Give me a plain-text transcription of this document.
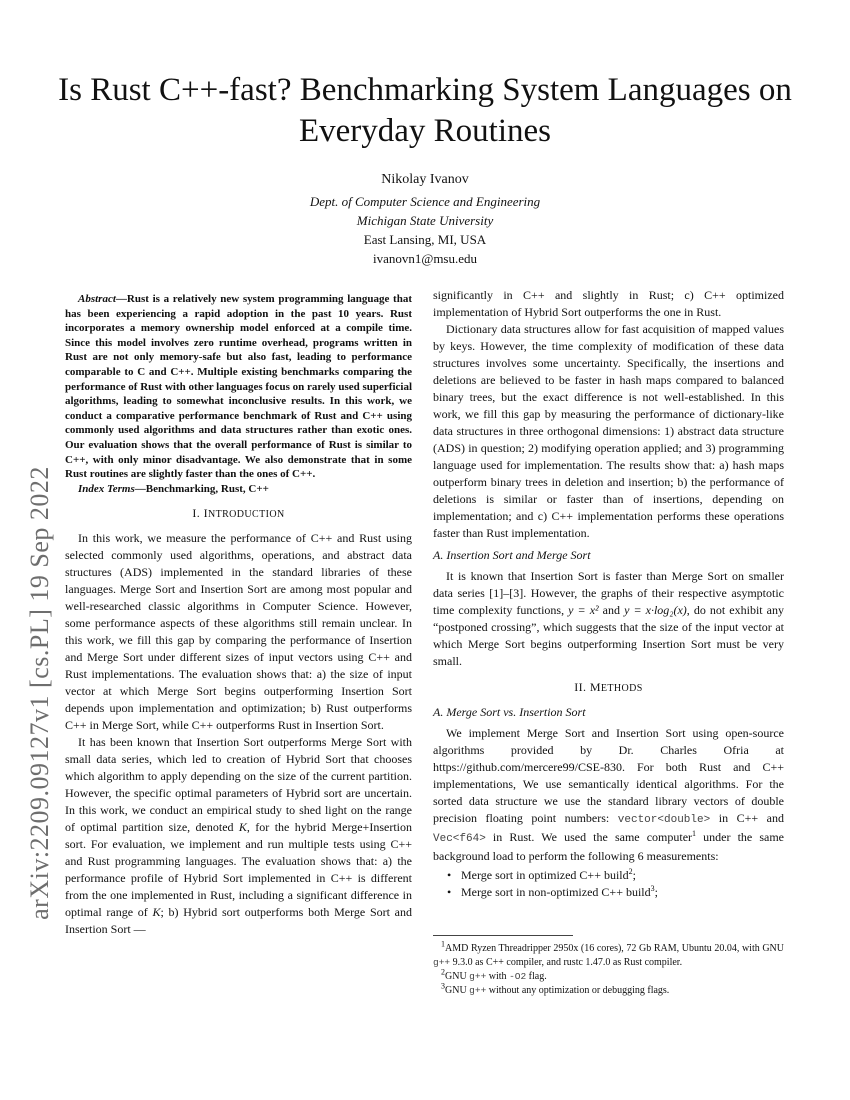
arXiv:2209.09127v1 [cs.PL] 19 Sep 2022
Is Rust C++-fast? Benchmarking System Languages on Everyday Routines
Nikolay Ivanov
Dept. of Computer Science and Engineering
Michigan State University
East Lansing, MI, USA
ivanovn1@msu.edu

Abstract—Rust is a relatively new system programming language that has been experiencing a rapid adoption in the past 10 years. Rust incorporates a memory ownership model enforced at a compile time. Since this model involves zero runtime overhead, programs written in Rust are not only memory-safe but also fast, leading to performance comparable to C and C++. Multiple existing benchmarks comparing the performance of Rust with other languages focus on rarely used superficial algorithms, leading to somewhat inconclusive results. In this work, we conduct a comparative performance benchmark of Rust and C++ using commonly used algorithms and data structures rather than exotic ones. Our evaluation shows that the overall performance of Rust is similar to C++, with only minor disadvantage. We also demonstrate that in some Rust routines are slightly faster than the ones of C++.

Index Terms—Benchmarking, Rust, C++

I. INTRODUCTION

In this work, we measure the performance of C++ and Rust using selected commonly used algorithms, operations, and abstract data structures (ADS) implemented in the standard libraries of these languages. Merge Sort and Insertion Sort are among most popular and well-researched classic algorithms in Computer Science. However, some performance aspects of these algorithms still remain unclear. In this work, we fill this gap by comparing the performance of Insertion and Merge Sort under different sizes of input vectors using C++ and Rust implementations. The evaluation shows that: a) the size of input vector at which Merge Sort begins outperforming Insertion Sort depends upon implementation and optimization; b) Rust outperforms C++ in Merge Sort, while C++ outperforms Rust in Insertion Sort.

It has been known that Insertion Sort outperforms Merge Sort with small data series, which led to creation of Hybrid Sort that chooses which algorithm to apply depending on the size of the current partition. However, the specific optimal parameters of Hybrid sort are uncertain. In this work, we conduct an empirical study to shed light on the range of optimal partition size, denoted K, for the hybrid Merge+Insertion sort. For evaluation, we implement and run multiple tests using C++ and Rust programming languages. The evaluation shows that: a) the performance profile of Hybrid Sort implemented in C++ is different from the one implemented in Rust, including a significant difference in optimal range of K; b) Hybrid sort outperforms both Merge Sort and Insertion Sort —

significantly in C++ and slightly in Rust; c) C++ optimized implementation of Hybrid Sort outperforms the one in Rust.

Dictionary data structures allow for fast acquisition of mapped values by keys. However, the time complexity of modification of these data structures involves some uncertainty. Specifically, the insertions and deletions are believed to be faster in hash maps compared to balanced binary trees, but the exact difference is not well-established. In this work, we fill this gap by measuring the performance of dictionary-like data structures in three orthogonal dimensions: 1) abstract data structure (ADS) in question; 2) modifying operation applied; and 3) programming language used for implementation. The results show that: a) hash maps outperform binary trees in deletion and insertion; b) the performance of deletions is similar or faster than of insertions, depending on implementation; and c) C++ implementation performs these operations faster than Rust implementation.

A. Insertion Sort and Merge Sort

It is known that Insertion Sort is faster than Merge Sort on smaller data series [1]–[3]. However, the graphs of their respective asymptotic time complexity functions, y = x² and y = x·log₂(x), do not exhibit any “postponed crossing”, which suggests that the size of the input vector at which Merge Sort begins outperforming Insertion Sort must be very small.

II. METHODS
A. Merge Sort vs. Insertion Sort

We implement Merge Sort and Insertion Sort using open-source algorithms provided by Dr. Charles Ofria at https://github.com/mercere99/CSE-830. For both Rust and C++ implementations, We use semantically identical algorithms. For the sorted data structure we use the standard library vectors of double precision floating point numbers: vector<double> in C++ and Vec<f64> in Rust. We used the same computer$^1$ under the same background load to perform the following 6 measurements:

• Merge sort in optimized C++ build$^2$;
• Merge sort in non-optimized C++ build$^3$;
$^1$AMD Ryzen Threadripper 2950x (16 cores), 72 Gb RAM, Ubuntu 20.04, with GNU g++ 9.3.0 as C++ compiler, and rustc 1.47.0 as Rust compiler.
$^2$GNU g++ with -O2 flag.
$^3$GNU g++ without any optimization or debugging flags.
